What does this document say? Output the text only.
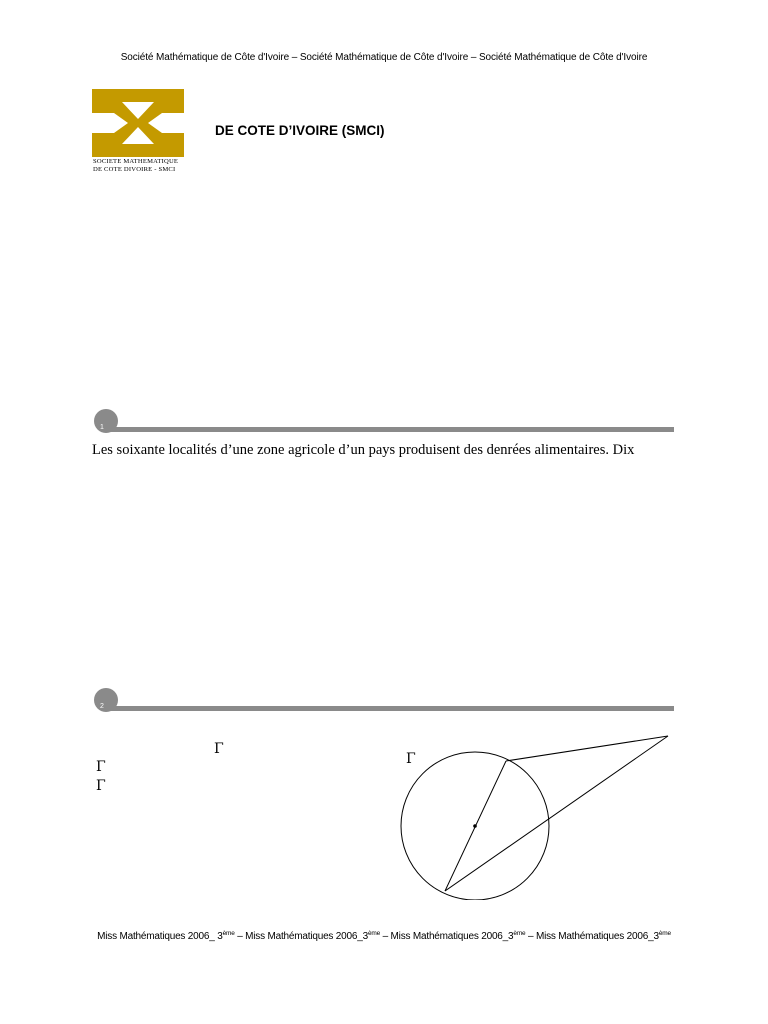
Société Mathématique de Côte d'Ivoire – Société Mathématique de Côte d'Ivoire – Société Mathématique de Côte d'Ivoire
SOCIETE MATHEMATIQUE
DE COTE DIVOIRE - SMCI
DE COTE D’IVOIRE (SMCI)
1
Les soixante localités d’une zone agricole d’un pays produisent des denrées alimentaires. Dix
2
Γ
Γ
Γ
Γ
Miss Mathématiques 2006_ 3ème – Miss Mathématiques 2006_3ème – Miss Mathématiques 2006_3ème – Miss Mathématiques 2006_3ème
